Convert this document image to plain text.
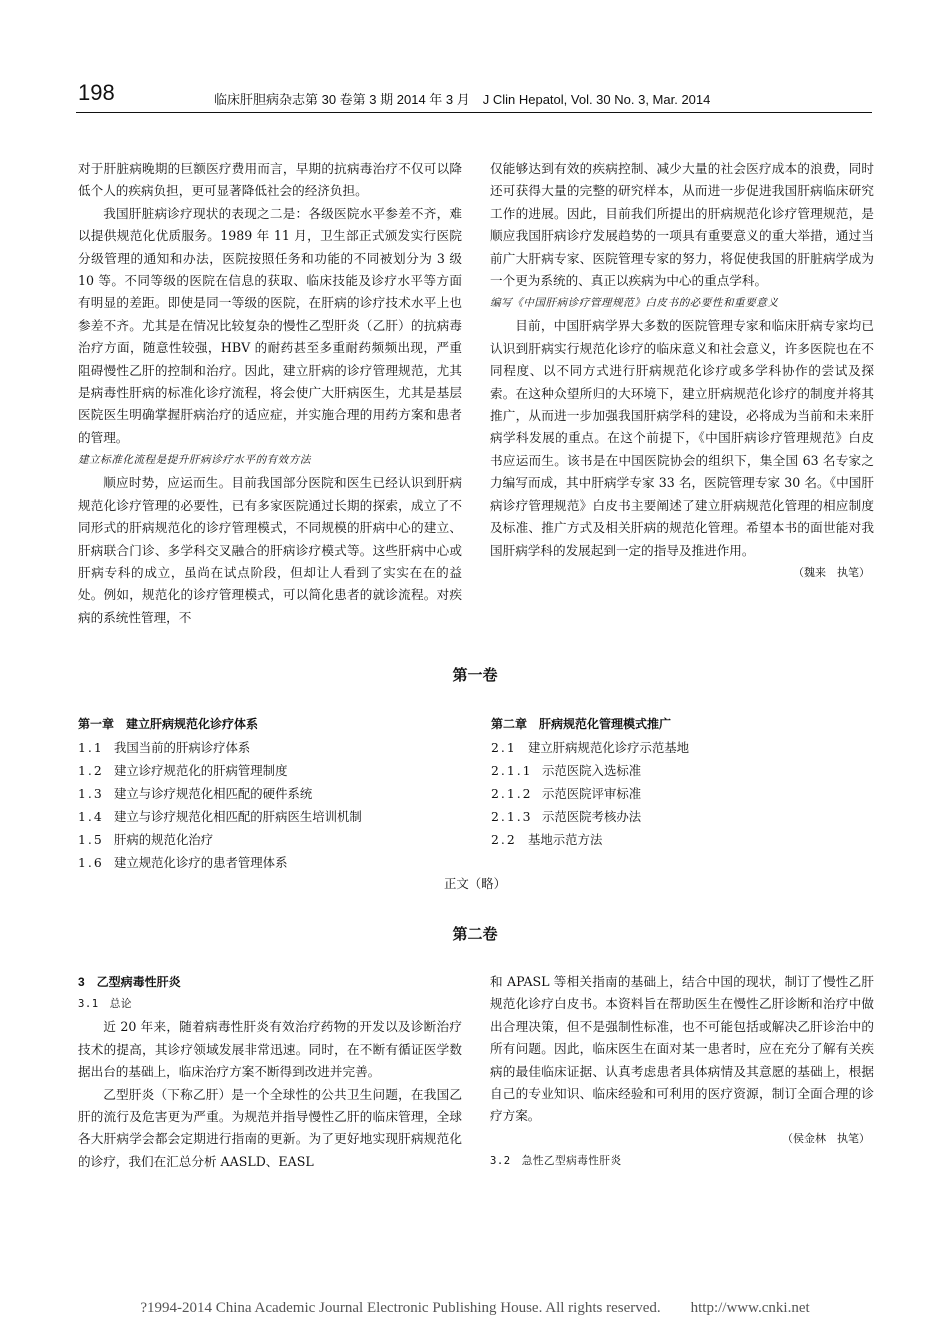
198	临床肝胆病杂志第 30 卷第 3 期 2014 年 3 月　J Clin Hepatol, Vol. 30 No. 3, Mar. 2014

对于肝脏病晚期的巨额医疗费用而言，早期的抗病毒治疗不仅可以降低个人的疾病负担，更可显著降低社会的经济负担。

我国肝脏病诊疗现状的表现之二是：各级医院水平参差不齐，难以提供规范化优质服务。1989 年 11 月，卫生部正式颁发实行医院分级管理的通知和办法，医院按照任务和功能的不同被划分为 3 级 10 等。不同等级的医院在信息的获取、临床技能及诊疗水平等方面有明显的差距。即使是同一等级的医院，在肝病的诊疗技术水平上也参差不齐。尤其是在情况比较复杂的慢性乙型肝炎（乙肝）的抗病毒治疗方面，随意性较强，HBV 的耐药甚至多重耐药频频出现，严重阻碍慢性乙肝的控制和治疗。因此，建立肝病的诊疗管理规范，尤其是病毒性肝病的标准化诊疗流程，将会使广大肝病医生，尤其是基层医院医生明确掌握肝病治疗的适应症，并实施合理的用药方案和患者的管理。

建立标准化流程是提升肝病诊疗水平的有效方法

顺应时势，应运而生。目前我国部分医院和医生已经认识到肝病规范化诊疗管理的必要性，已有多家医院通过长期的探索，成立了不同形式的肝病规范化的诊疗管理模式，不同规模的肝病中心的建立、肝病联合门诊、多学科交叉融合的肝病诊疗模式等。这些肝病中心或肝病专科的成立，虽尚在试点阶段，但却让人看到了实实在在的益处。例如，规范化的诊疗管理模式，可以简化患者的就诊流程。对疾病的系统性管理，不

仅能够达到有效的疾病控制、减少大量的社会医疗成本的浪费，同时还可获得大量的完整的研究样本，从而进一步促进我国肝病临床研究工作的进展。因此，目前我们所提出的肝病规范化诊疗管理规范，是顺应我国肝病诊疗发展趋势的一项具有重要意义的重大举措，通过当前广大肝病专家、医院管理专家的努力，将促使我国的肝脏病学成为一个更为系统的、真正以疾病为中心的重点学科。

编写《中国肝病诊疗管理规范》白皮书的必要性和重要意义

目前，中国肝病学界大多数的医院管理专家和临床肝病专家均已认识到肝病实行规范化诊疗的临床意义和社会意义，许多医院也在不同程度、以不同方式进行肝病规范化诊疗或多学科协作的尝试及探索。在这种众望所归的大环境下，建立肝病规范化诊疗的制度并将其推广，从而进一步加强我国肝病学科的建设，必将成为当前和未来肝病学科发展的重点。在这个前提下，《中国肝病诊疗管理规范》白皮书应运而生。该书是在中国医院协会的组织下，集全国 63 名专家之力编写而成，其中肝病学专家 33 名，医院管理专家 30 名。《中国肝病诊疗管理规范》白皮书主要阐述了建立肝病规范化管理的相应制度及标准、推广方式及相关肝病的规范化管理。希望本书的面世能对我国肝病学科的发展起到一定的指导及推进作用。

（魏来　执笔）

第一卷
第一章　建立肝病规范化诊疗体系
1.1 我国当前的肝病诊疗体系
1.2 建立诊疗规范化的肝病管理制度
1.3 建立与诊疗规范化相匹配的硬件系统
1.4 建立与诊疗规范化相匹配的肝病医生培训机制
1.5 肝病的规范化治疗
1.6 建立规范化诊疗的患者管理体系
第二章　肝病规范化管理模式推广
2.1 建立肝病规范化诊疗示范基地
2.1.1 示范医院入选标准
2.1.2 示范医院评审标准
2.1.3 示范医院考核办法
2.2 基地示范方法
正文（略）
第二卷

3　乙型病毒性肝炎

3.1　总论

近 20 年来，随着病毒性肝炎有效治疗药物的开发以及诊断治疗技术的提高，其诊疗领域发展非常迅速。同时，在不断有循证医学数据出台的基础上，临床治疗方案不断得到改进并完善。

乙型肝炎（下称乙肝）是一个全球性的公共卫生问题，在我国乙肝的流行及危害更为严重。为规范并指导慢性乙肝的临床管理，全球各大肝病学会都会定期进行指南的更新。为了更好地实现肝病规范化的诊疗，我们在汇总分析 AASLD、EASL

和 APASL 等相关指南的基础上，结合中国的现状，制订了慢性乙肝规范化诊疗白皮书。本资料旨在帮助医生在慢性乙肝诊断和治疗中做出合理决策，但不是强制性标准，也不可能包括或解决乙肝诊治中的所有问题。因此，临床医生在面对某一患者时，应在充分了解有关疾病的最佳临床证据、认真考虑患者具体病情及其意愿的基础上，根据自己的专业知识、临床经验和可利用的医疗资源，制订全面合理的诊疗方案。

（侯金林　执笔）

3.2　急性乙型病毒性肝炎

?1994-2014 China Academic Journal Electronic Publishing House. All rights reserved.　　http://www.cnki.net
